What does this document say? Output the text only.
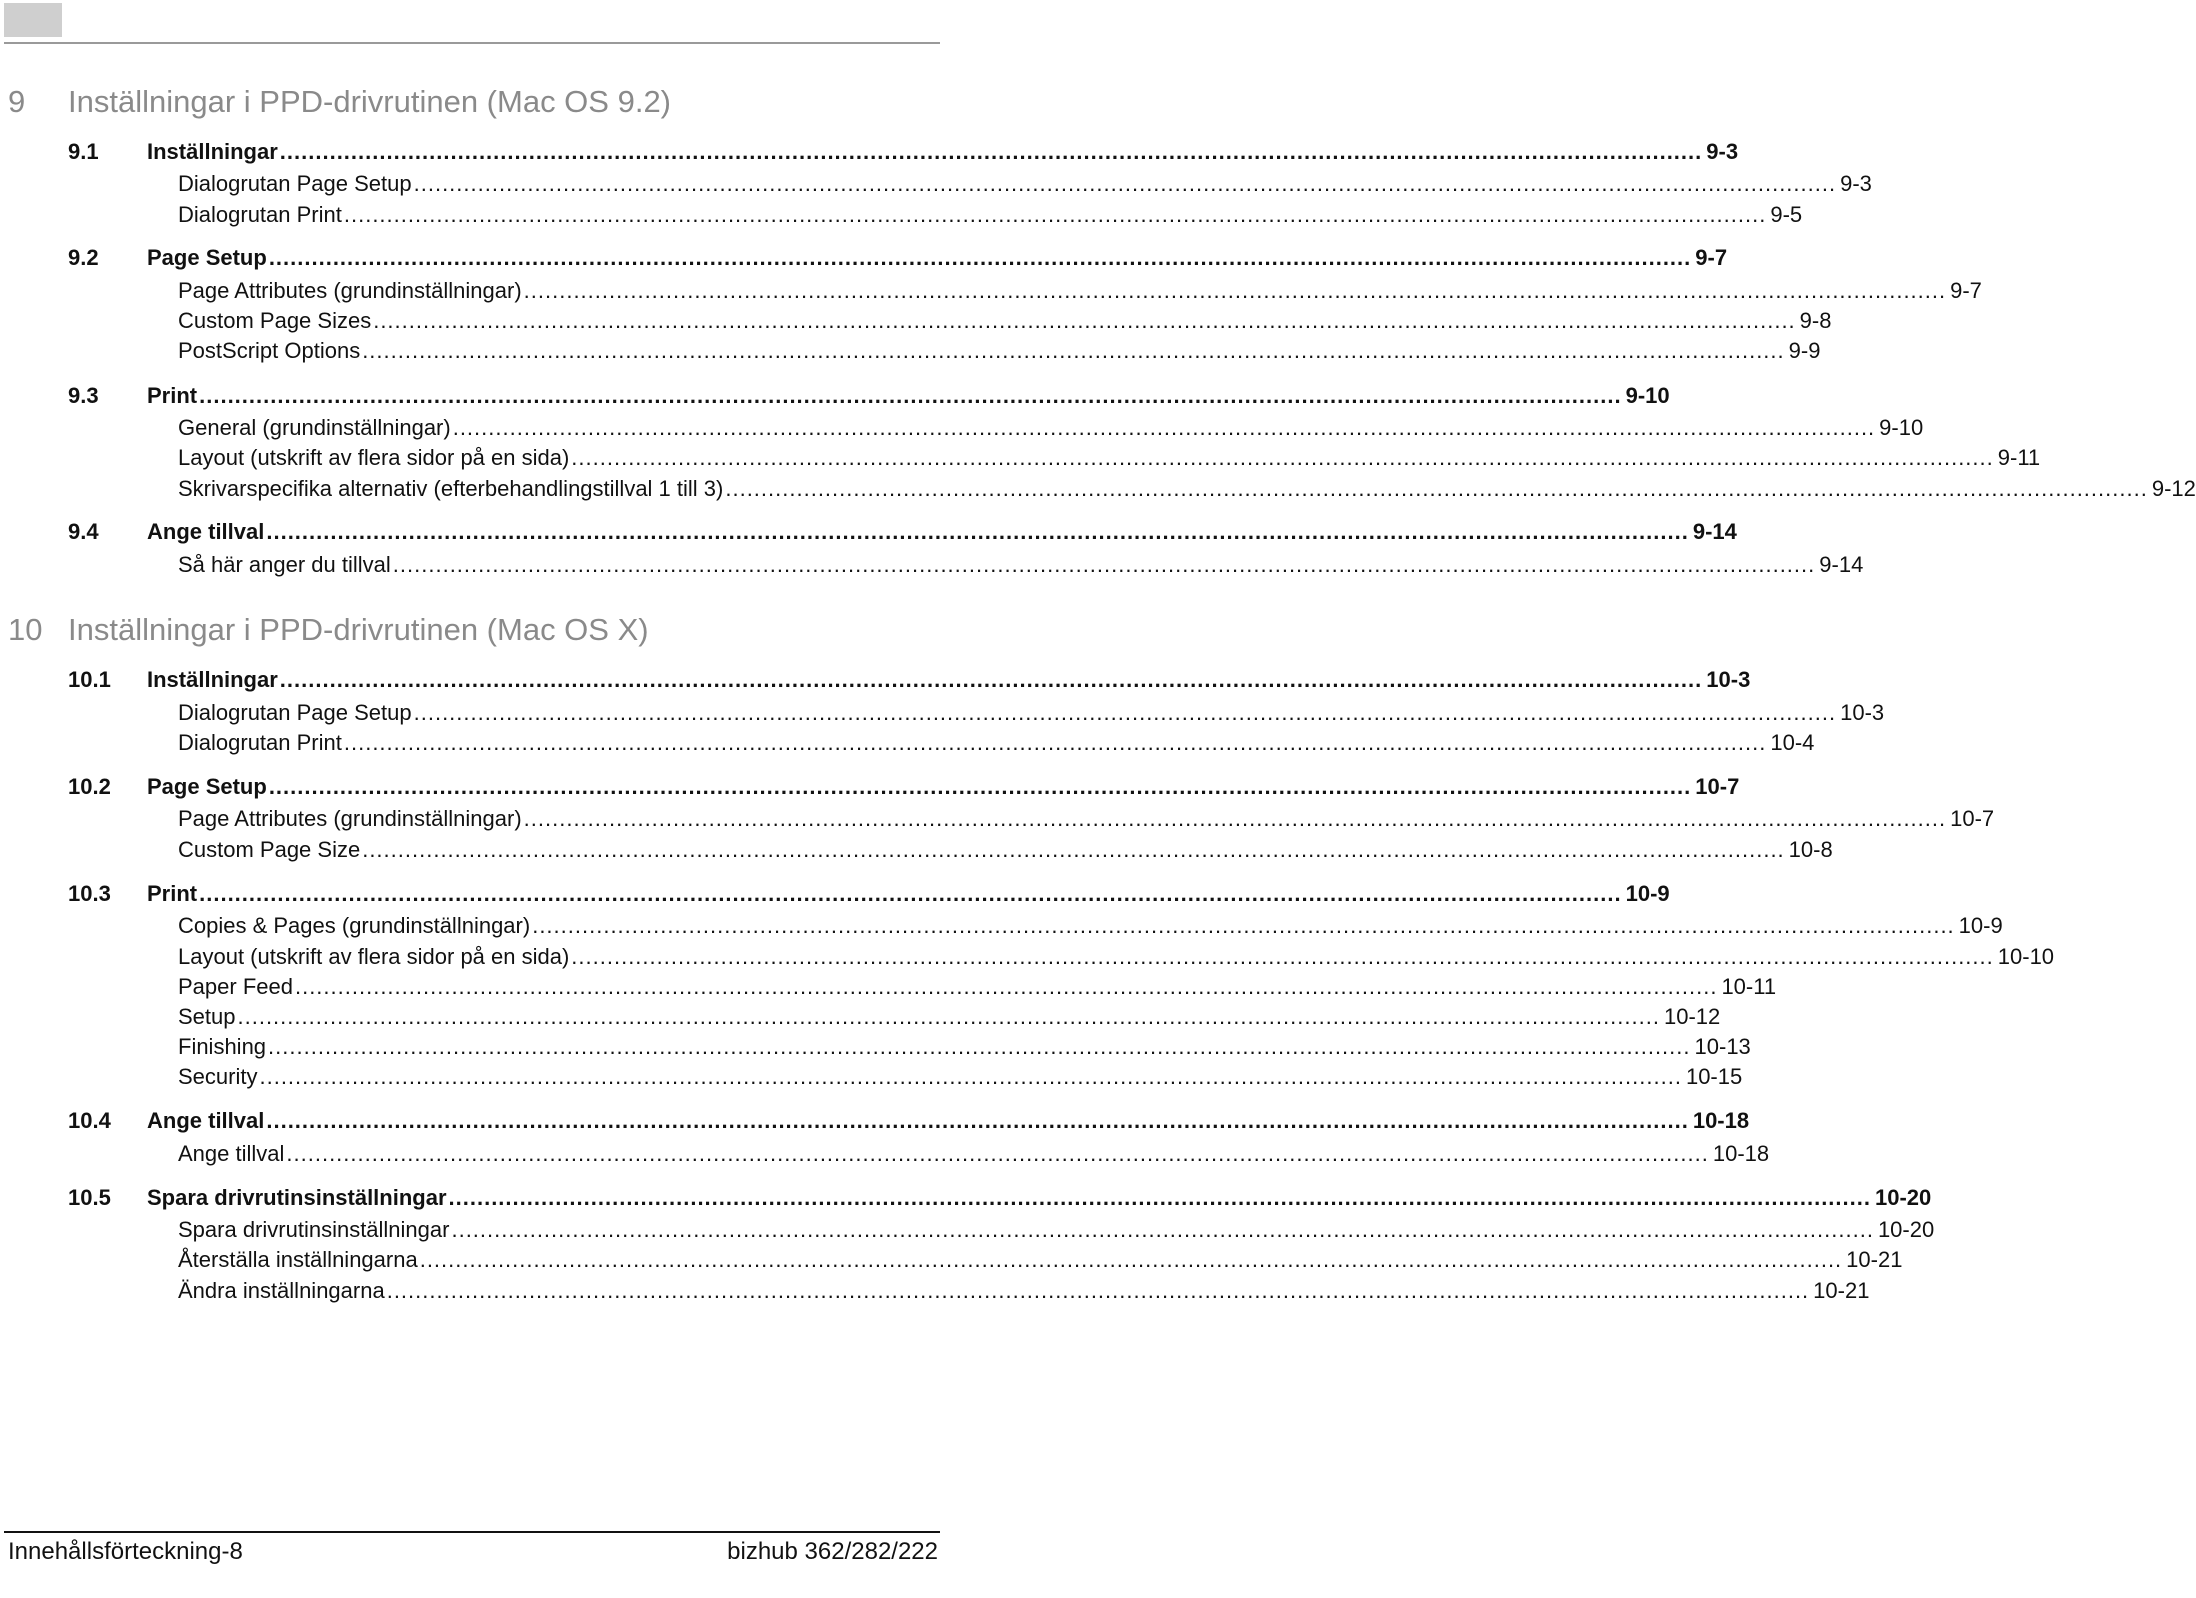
9 Inställningar i PPD-drivrutinen (Mac OS 9.2)
9.1	Inställningar ........................................................................................................................................................................................................ 9-3
Dialogrutan Page Setup ........................................................................................................................................................................................................ 9-3
Dialogrutan Print ........................................................................................................................................................................................................ 9-5
9.2	Page Setup ........................................................................................................................................................................................................ 9-7
Page Attributes (grundinställningar) ........................................................................................................................................................................................................ 9-7
Custom Page Sizes ........................................................................................................................................................................................................ 9-8
PostScript Options ........................................................................................................................................................................................................ 9-9
9.3	Print ........................................................................................................................................................................................................ 9-10
General (grundinställningar) ........................................................................................................................................................................................................ 9-10
Layout (utskrift av flera sidor på en sida) ........................................................................................................................................................................................................ 9-11
Skrivarspecifika alternativ (efterbehandlingstillval 1 till 3) ........................................................................................................................................................................................................ 9-12
9.4	Ange tillval ........................................................................................................................................................................................................ 9-14
Så här anger du tillval ........................................................................................................................................................................................................ 9-14
10 Inställningar i PPD-drivrutinen (Mac OS X)
10.1	Inställningar ........................................................................................................................................................................................................ 10-3
Dialogrutan Page Setup ........................................................................................................................................................................................................ 10-3
Dialogrutan Print ........................................................................................................................................................................................................ 10-4
10.2	Page Setup ........................................................................................................................................................................................................ 10-7
Page Attributes (grundinställningar) ........................................................................................................................................................................................................ 10-7
Custom Page Size ........................................................................................................................................................................................................ 10-8
10.3	Print ........................................................................................................................................................................................................ 10-9
Copies & Pages (grundinställningar) ........................................................................................................................................................................................................ 10-9
Layout (utskrift av flera sidor på en sida) ........................................................................................................................................................................................................ 10-10
Paper Feed ........................................................................................................................................................................................................ 10-11
Setup ........................................................................................................................................................................................................ 10-12
Finishing ........................................................................................................................................................................................................ 10-13
Security ........................................................................................................................................................................................................ 10-15
10.4	Ange tillval ........................................................................................................................................................................................................ 10-18
Ange tillval ........................................................................................................................................................................................................ 10-18
10.5	Spara drivrutinsinställningar ........................................................................................................................................................................................................ 10-20
Spara drivrutinsinställningar ........................................................................................................................................................................................................ 10-20
Återställa inställningarna ........................................................................................................................................................................................................ 10-21
Ändra inställningarna ........................................................................................................................................................................................................ 10-21
Innehållsförteckning-8	bizhub 362/282/222
